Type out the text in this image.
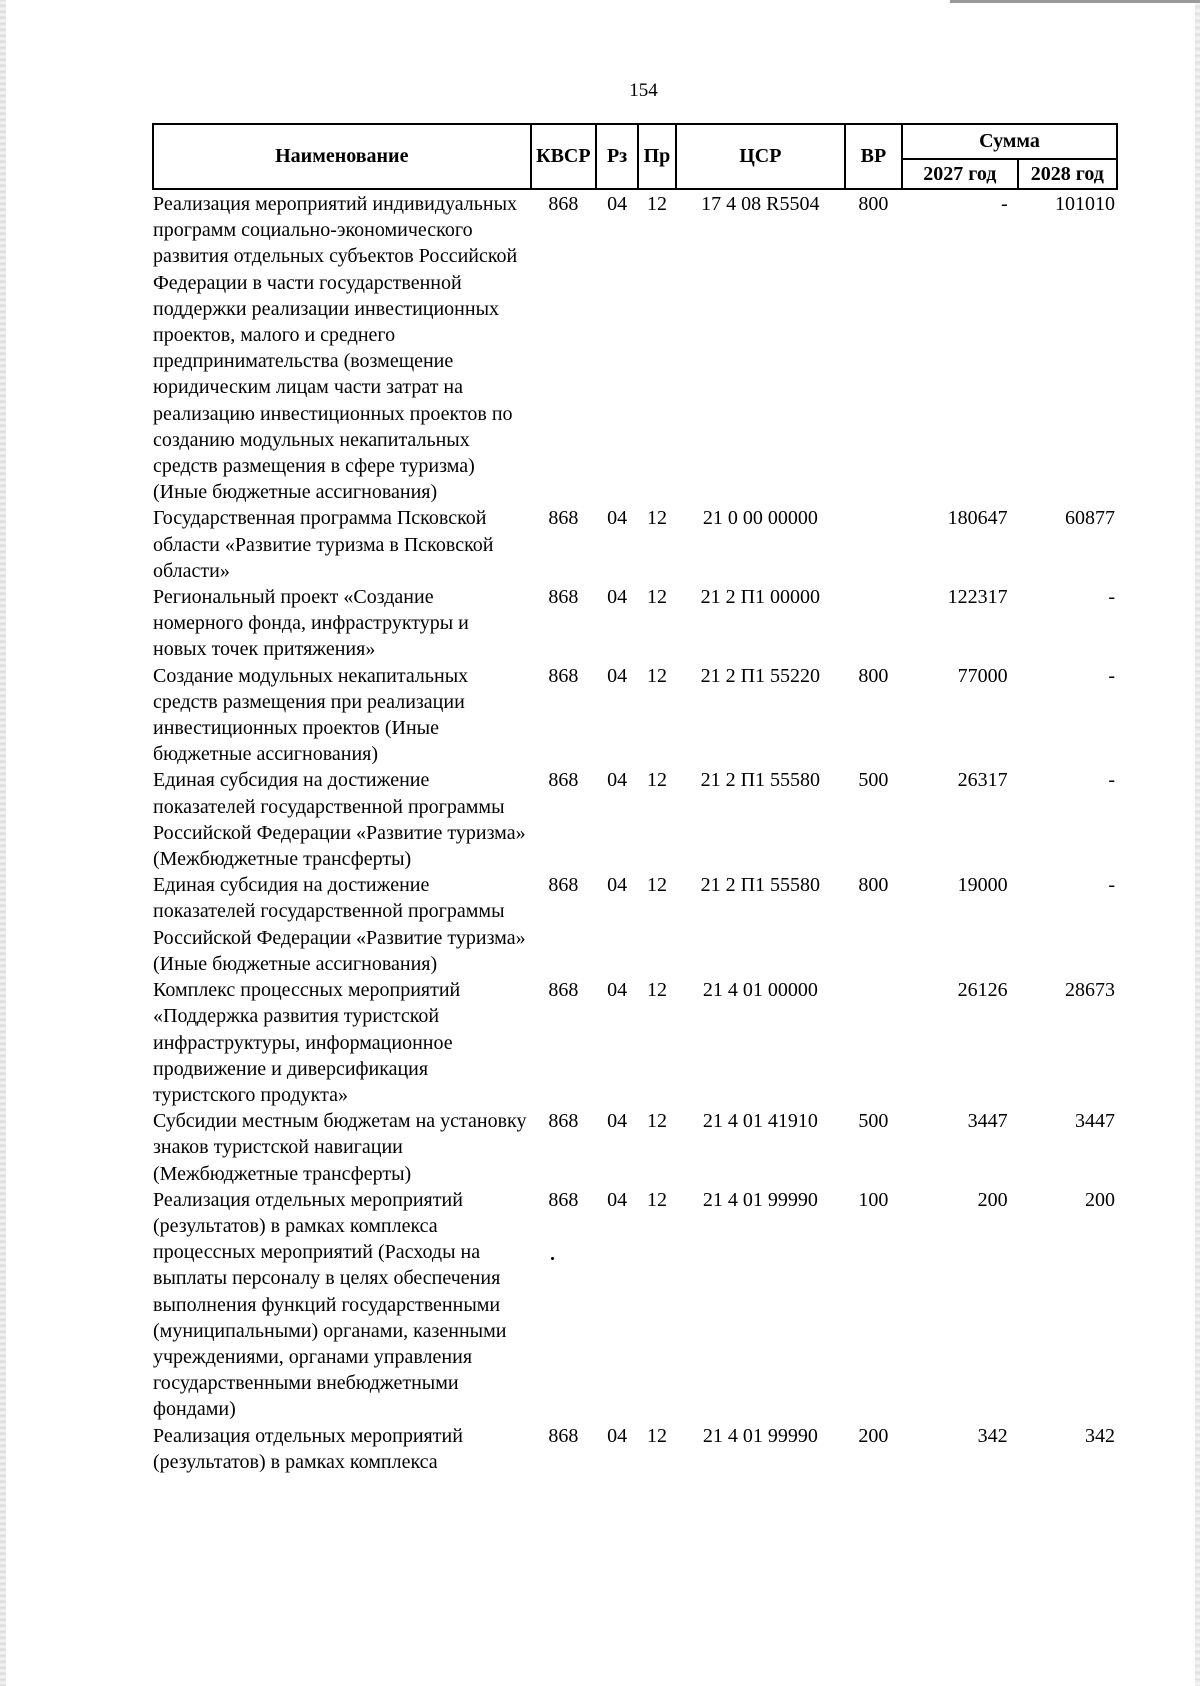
154
Наименование	КВСР	Рз	Пр	ЦСР	ВР	Сумма	
						2027 год	2028 год
Реализация мероприятий индивидуальных программ социально-экономического развития отдельных субъектов Российской Федерации в части государственной поддержки реализации инвестиционных проектов, малого и среднего предпринимательства (возмещение юридическим лицам части затрат на реализацию инвестиционных проектов по созданию модульных некапитальных средств размещения в сфере туризма) (Иные бюджетные ассигнования)	868	04	12	17 4 08 R5504	800	-	101010
Государственная программа Псковской области «Развитие туризма в Псковской области»	868	04	12	21 0 00 00000		180647	60877
Региональный проект «Создание номерного фонда, инфраструктуры и новых точек притяжения»	868	04	12	21 2 П1 00000		122317	-
Создание модульных некапитальных средств размещения при реализации инвестиционных проектов (Иные бюджетные ассигнования)	868	04	12	21 2 П1 55220	800	77000	-
Единая субсидия на достижение показателей государственной программы Российской Федерации «Развитие туризма» (Межбюджетные трансферты)	868	04	12	21 2 П1 55580	500	26317	-
Единая субсидия на достижение показателей государственной программы Российской Федерации «Развитие туризма» (Иные бюджетные ассигнования)	868	04	12	21 2 П1 55580	800	19000	-
Комплекс процессных мероприятий «Поддержка развития туристской инфраструктуры, информационное продвижение и диверсификация туристского продукта»	868	04	12	21 4 01 00000		26126	28673
Субсидии местным бюджетам на установку знаков туристской навигации (Межбюджетные трансферты)	868	04	12	21 4 01 41910	500	3447	3447
Реализация отдельных мероприятий (результатов) в рамках комплекса процессных мероприятий (Расходы на выплаты персоналу в целях обеспечения выполнения функций государственными (муниципальными) органами, казенными учреждениями, органами управления государственными внебюджетными фондами)	868	04	12	21 4 01 99990	100	200	200
Реализация отдельных мероприятий (результатов) в рамках комплекса	868	04	12	21 4 01 99990	200	342	342
